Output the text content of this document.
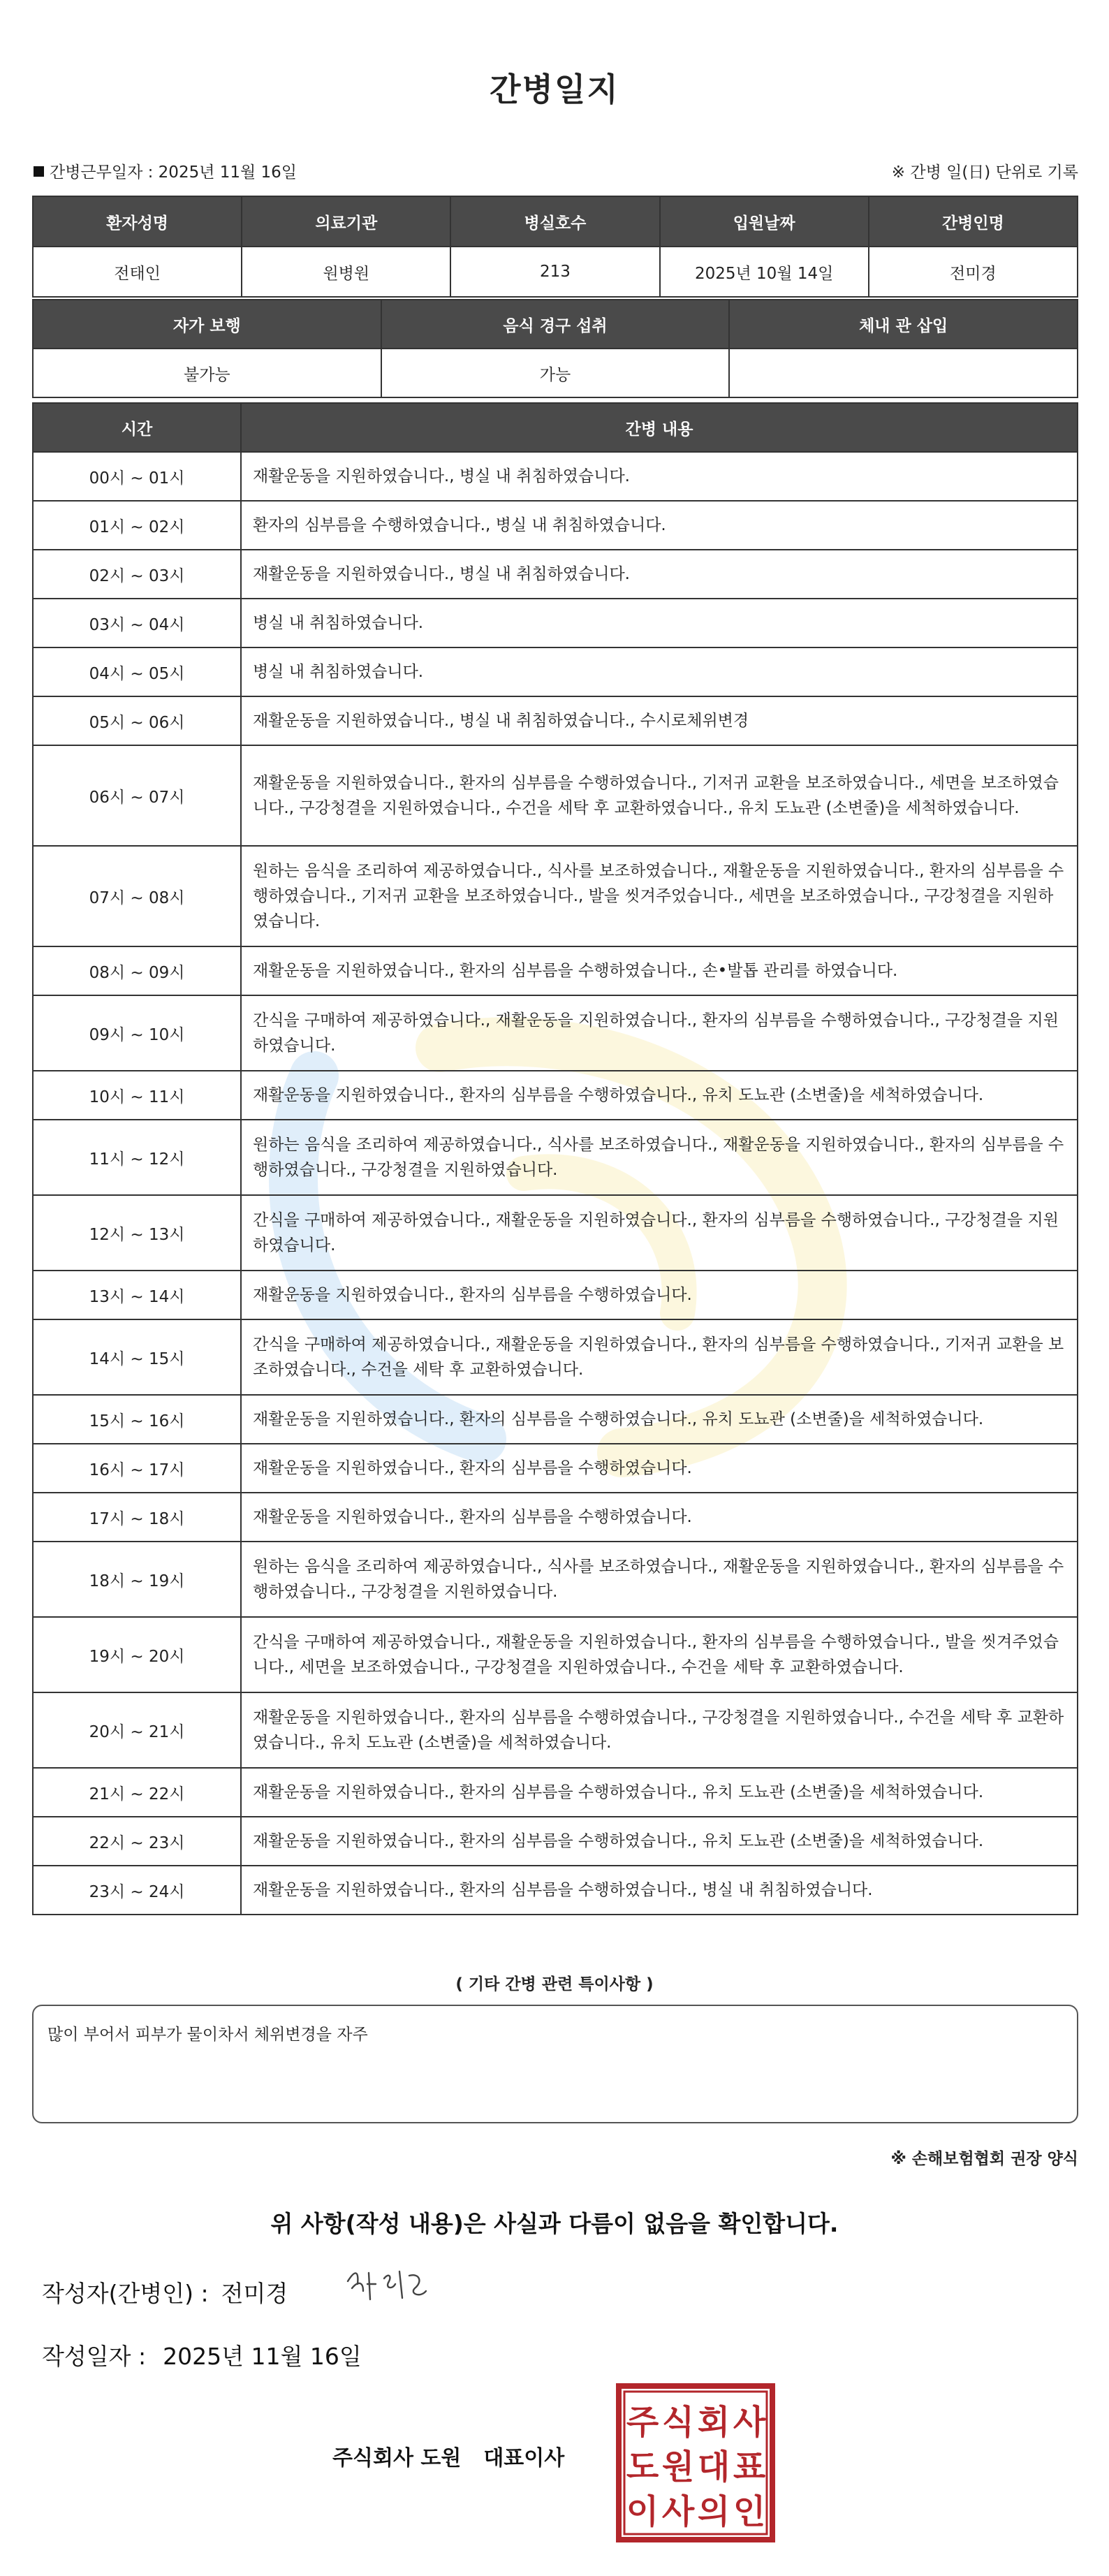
간병일지
간병근무일자 : 2025년 11월 16일	※ 간병 일(日) 단위로 기록
환자성명	의료기관	병실호수	입원날짜	간병인명
전태인	원병원	213	2025년 10월 14일	전미경
자가 보행	음식 경구 섭취	체내 관 삽입
불가능	가능	
시간	간병 내용
00시 ~ 01시	재활운동을 지원하였습니다., 병실 내 취침하였습니다.
01시 ~ 02시	환자의 심부름을 수행하였습니다., 병실 내 취침하였습니다.
02시 ~ 03시	재활운동을 지원하였습니다., 병실 내 취침하였습니다.
03시 ~ 04시	병실 내 취침하였습니다.
04시 ~ 05시	병실 내 취침하였습니다.
05시 ~ 06시	재활운동을 지원하였습니다., 병실 내 취침하였습니다., 수시로체위변경
06시 ~ 07시	재활운동을 지원하였습니다., 환자의 심부름을 수행하였습니다., 기저귀 교환을 보조하였습니다., 세면을 보조하였습니다., 구강청결을 지원하였습니다., 수건을 세탁 후 교환하였습니다., 유치 도뇨관 (소변줄)을 세척하였습니다.
07시 ~ 08시	원하는 음식을 조리하여 제공하였습니다., 식사를 보조하였습니다., 재활운동을 지원하였습니다., 환자의 심부름을 수행하였습니다., 기저귀 교환을 보조하였습니다., 발을 씻겨주었습니다., 세면을 보조하였습니다., 구강청결을 지원하였습니다.
08시 ~ 09시	재활운동을 지원하였습니다., 환자의 심부름을 수행하였습니다., 손•발톱 관리를 하였습니다.
09시 ~ 10시	간식을 구매하여 제공하였습니다., 재활운동을 지원하였습니다., 환자의 심부름을 수행하였습니다., 구강청결을 지원하였습니다.
10시 ~ 11시	재활운동을 지원하였습니다., 환자의 심부름을 수행하였습니다., 유치 도뇨관 (소변줄)을 세척하였습니다.
11시 ~ 12시	원하는 음식을 조리하여 제공하였습니다., 식사를 보조하였습니다., 재활운동을 지원하였습니다., 환자의 심부름을 수행하였습니다., 구강청결을 지원하였습니다.
12시 ~ 13시	간식을 구매하여 제공하였습니다., 재활운동을 지원하였습니다., 환자의 심부름을 수행하였습니다., 구강청결을 지원하였습니다.
13시 ~ 14시	재활운동을 지원하였습니다., 환자의 심부름을 수행하였습니다.
14시 ~ 15시	간식을 구매하여 제공하였습니다., 재활운동을 지원하였습니다., 환자의 심부름을 수행하였습니다., 기저귀 교환을 보조하였습니다., 수건을 세탁 후 교환하였습니다.
15시 ~ 16시	재활운동을 지원하였습니다., 환자의 심부름을 수행하였습니다., 유치 도뇨관 (소변줄)을 세척하였습니다.
16시 ~ 17시	재활운동을 지원하였습니다., 환자의 심부름을 수행하였습니다.
17시 ~ 18시	재활운동을 지원하였습니다., 환자의 심부름을 수행하였습니다.
18시 ~ 19시	원하는 음식을 조리하여 제공하였습니다., 식사를 보조하였습니다., 재활운동을 지원하였습니다., 환자의 심부름을 수행하였습니다., 구강청결을 지원하였습니다.
19시 ~ 20시	간식을 구매하여 제공하였습니다., 재활운동을 지원하였습니다., 환자의 심부름을 수행하였습니다., 발을 씻겨주었습니다., 세면을 보조하였습니다., 구강청결을 지원하였습니다., 수건을 세탁 후 교환하였습니다.
20시 ~ 21시	재활운동을 지원하였습니다., 환자의 심부름을 수행하였습니다., 구강청결을 지원하였습니다., 수건을 세탁 후 교환하였습니다., 유치 도뇨관 (소변줄)을 세척하였습니다.
21시 ~ 22시	재활운동을 지원하였습니다., 환자의 심부름을 수행하였습니다., 유치 도뇨관 (소변줄)을 세척하였습니다.
22시 ~ 23시	재활운동을 지원하였습니다., 환자의 심부름을 수행하였습니다., 유치 도뇨관 (소변줄)을 세척하였습니다.
23시 ~ 24시	재활운동을 지원하였습니다., 환자의 심부름을 수행하였습니다., 병실 내 취침하였습니다.
( 기타 간병 관련 특이사항 )
많이 부어서 피부가 물이차서 체위변경을 자주
※ 손해보험협회 권장 양식
위 사항(작성 내용)은 사실과 다름이 없음을 확인합니다.
작성자(간병인) : 전미경
작성일자 : 2025년 11월 16일
주식회사 도원 대표이사
주 식 회 사
도 원 대 표
이 사 의 인
